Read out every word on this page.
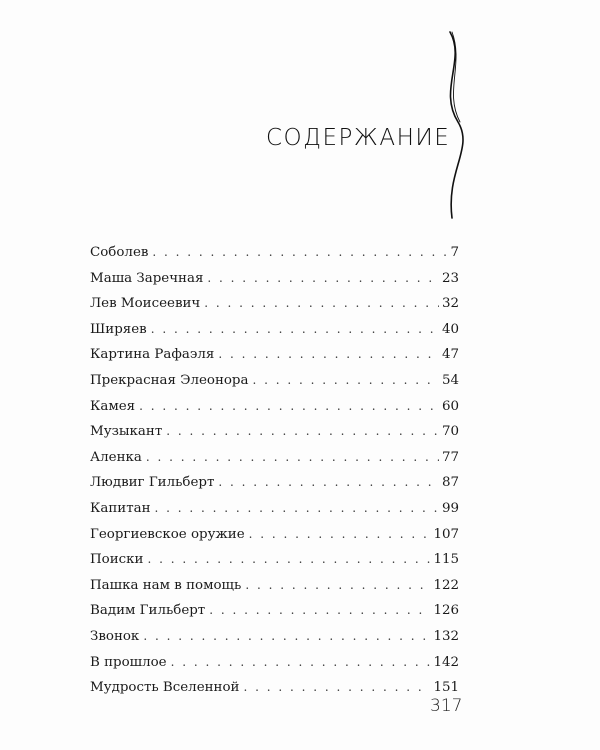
СОДЕРЖАНИЕ
Соболев . . .	7
Маша Заречная . . .	23
Лев Моисеевич . . .	32
Ширяев . . .	40
Картина Рафаэля . . .	47
Прекрасная Элеонора . . .	54
Камея . . .	60
Музыкант . . .	70
Аленка . . .	77
Людвиг Гильберт . . .	87
Капитан . . .	99
Георгиевское оружие . . .	107
Поиски . . .	115
Пашка нам в помощь . . .	122
Вадим Гильберт . . .	126
Звонок . . .	132
В прошлое . . .	142
Мудрость Вселенной . . .	151
317
